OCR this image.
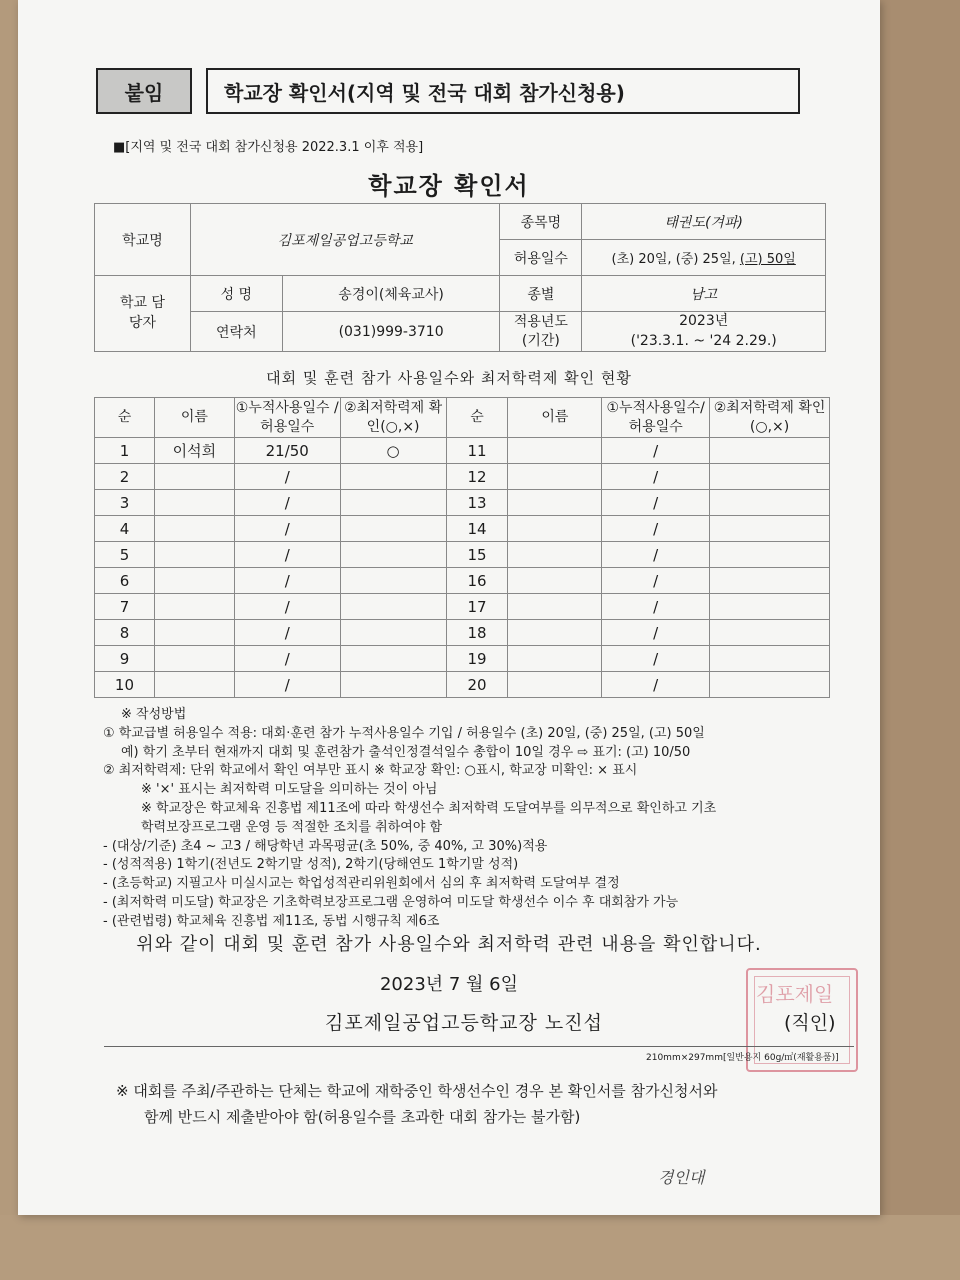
붙임	학교장 확인서(지역 및 전국 대회 참가신청용)
■[지역 및 전국 대회 참가신청용 2022.3.1 이후 적용]
학교장 확인서
학교명	김포제일공업고등학교		종목명	태권도(겨파)
			허용일수	(초) 20일, (중) 25일, (고) 50일
학교 담당자	성 명	송경이(체육교사)	종별	남고
	연락처	(031)999-3710	적용년도 (기간)	2023년
('23.3.1. ~ '24 2.29.)
대회 및 훈련 참가 사용일수와 최저학력제 확인 현황
순	이름	①누적사용일수 /허용일수	②최저학력제 확인(○,×)	순	이름	①누적사용일수/ 허용일수	②최저학력제 확인(○,×)
1	이석희	21/50	○	11		/	
2		/		12		/	
3		/		13		/	
4		/		14		/	
5		/		15		/	
6		/		16		/	
7		/		17		/	
8		/		18		/	
9		/		19		/	
10		/		20		/	
※ 작성방법
① 학교급별 허용일수 적용: 대회·훈련 참가 누적사용일수 기입 / 허용일수 (초) 20일, (중) 25일, (고) 50일
예) 학기 초부터 현재까지 대회 및 훈련참가 출석인정결석일수 총합이 10일 경우 ⇨ 표기: (고) 10/50
② 최저학력제: 단위 학교에서 확인 여부만 표시 ※ 학교장 확인: ○표시, 학교장 미확인: × 표시
※ '×' 표시는 최저학력 미도달을 의미하는 것이 아님
※ 학교장은 학교체육 진흥법 제11조에 따라 학생선수 최저학력 도달여부를 의무적으로 확인하고 기초
학력보장프로그램 운영 등 적절한 조치를 취하여야 함
- (대상/기준) 초4 ~ 고3 / 해당학년 과목평균(초 50%, 중 40%, 고 30%)적용
- (성적적용) 1학기(전년도 2학기말 성적), 2학기(당해연도 1학기말 성적)
- (초등학교) 지필고사 미실시교는 학업성적관리위원회에서 심의 후 최저학력 도달여부 결정
- (최저학력 미도달) 학교장은 기초학력보장프로그램 운영하여 미도달 학생선수 이수 후 대회참가 가능
- (관련법령) 학교체육 진흥법 제11조, 동법 시행규칙 제6조
위와 같이 대회 및 훈련 참가 사용일수와 최저학력 관련 내용을 확인합니다.
2023년 7 월 6일
김포제일공업고등학교장 노진섭
김포제일
(직인)
210mm×297mm[일반용지 60g/㎡(재활용품)]
※ 대회를 주최/주관하는 단체는 학교에 재학중인 학생선수인 경우 본 확인서를 참가신청서와
함께 반드시 제출받아야 함(허용일수를 초과한 대회 참가는 불가함)
경인대
